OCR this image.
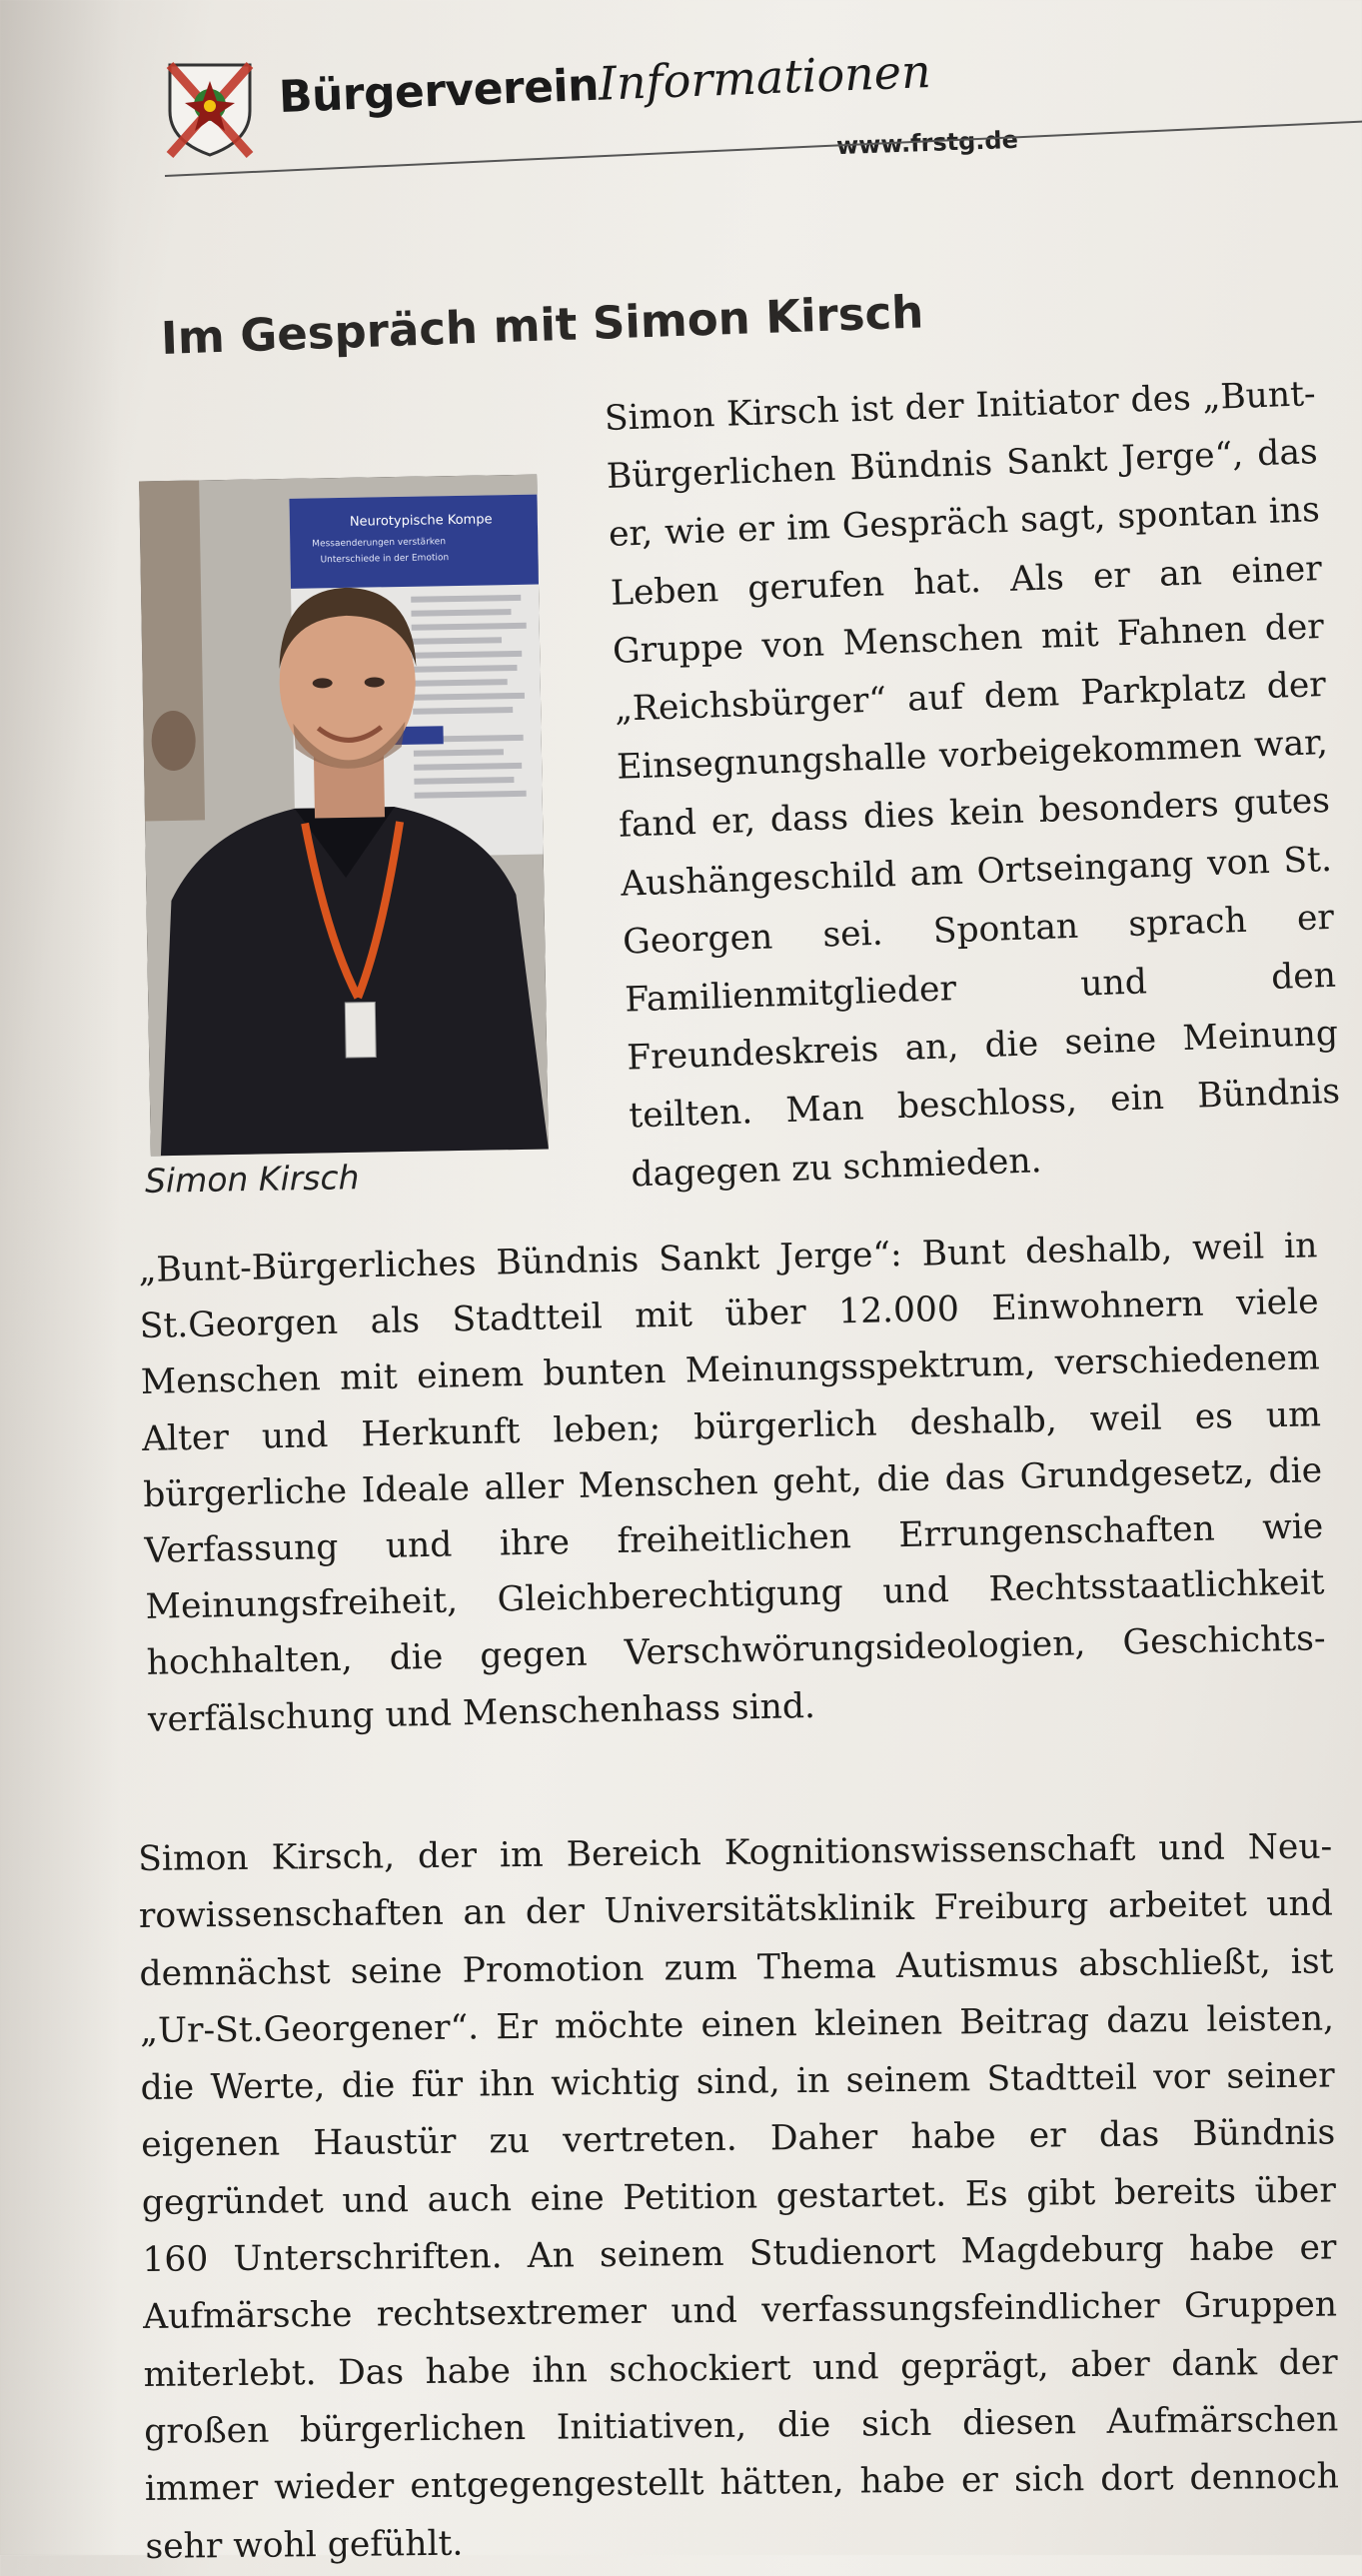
BürgervereinInformationen
www.frstg.de
Im Gespräch mit Simon Kirsch
Neurotypische Kompe
Messaenderungen verstärken
Unterschiede in der Emotion
Simon Kirsch

Simon Kirsch ist der Initiator des „Bunt-Bürgerlichen Bündnis Sankt Jerge“, das er, wie er im Gespräch sagt, spontan ins Leben gerufen hat. Als er an einer Gruppe von Menschen mit Fahnen der „Reichsbürger“ auf dem Parkplatz der Einsegnungshalle vorbeigekommen war, fand er, dass dies kein besonders gutes Aushängeschild am Ortseingang von St. Georgen sei. Spontan sprach er Familienmitglieder und den Freundeskreis an, die seine Meinung teilten. Man beschloss, ein Bündnis dagegen zu schmieden.

„Bunt-Bürgerliches Bündnis Sankt Jerge“: Bunt deshalb, weil in St.Georgen als Stadtteil mit über 12.000 Einwohnern viele Menschen mit einem bunten Meinungsspektrum, verschiedenem Alter und Herkunft leben; bürgerlich deshalb, weil es um bürgerliche Ideale aller Menschen geht, die das Grundgesetz, die Verfassung und ihre freiheitlichen Errungenschaften wie Meinungsfreiheit, Gleichberechtigung und Rechtsstaatlichkeit hochhalten, die gegen Verschwörungsideologien, Geschichtsverfälschung und Menschenhass sind.

Simon Kirsch, der im Bereich Kognitionswissenschaft und Neurowissenschaften an der Universitätsklinik Freiburg arbeitet und demnächst seine Promotion zum Thema Autismus abschließt, ist „Ur-St.Georgener“. Er möchte einen kleinen Beitrag dazu leisten, die Werte, die für ihn wichtig sind, in seinem Stadtteil vor seiner eigenen Haustür zu vertreten. Daher habe er das Bündnis gegründet und auch eine Petition gestartet. Es gibt bereits über 160 Unterschriften. An seinem Studienort Magdeburg habe er Aufmärsche rechtsextremer und verfassungsfeindlicher Gruppen miterlebt. Das habe ihn schockiert und geprägt, aber dank der großen bürgerlichen Initiativen, die sich diesen Aufmärschen immer wieder entgegengestellt hätten, habe er sich dort dennoch sehr wohl gefühlt.
